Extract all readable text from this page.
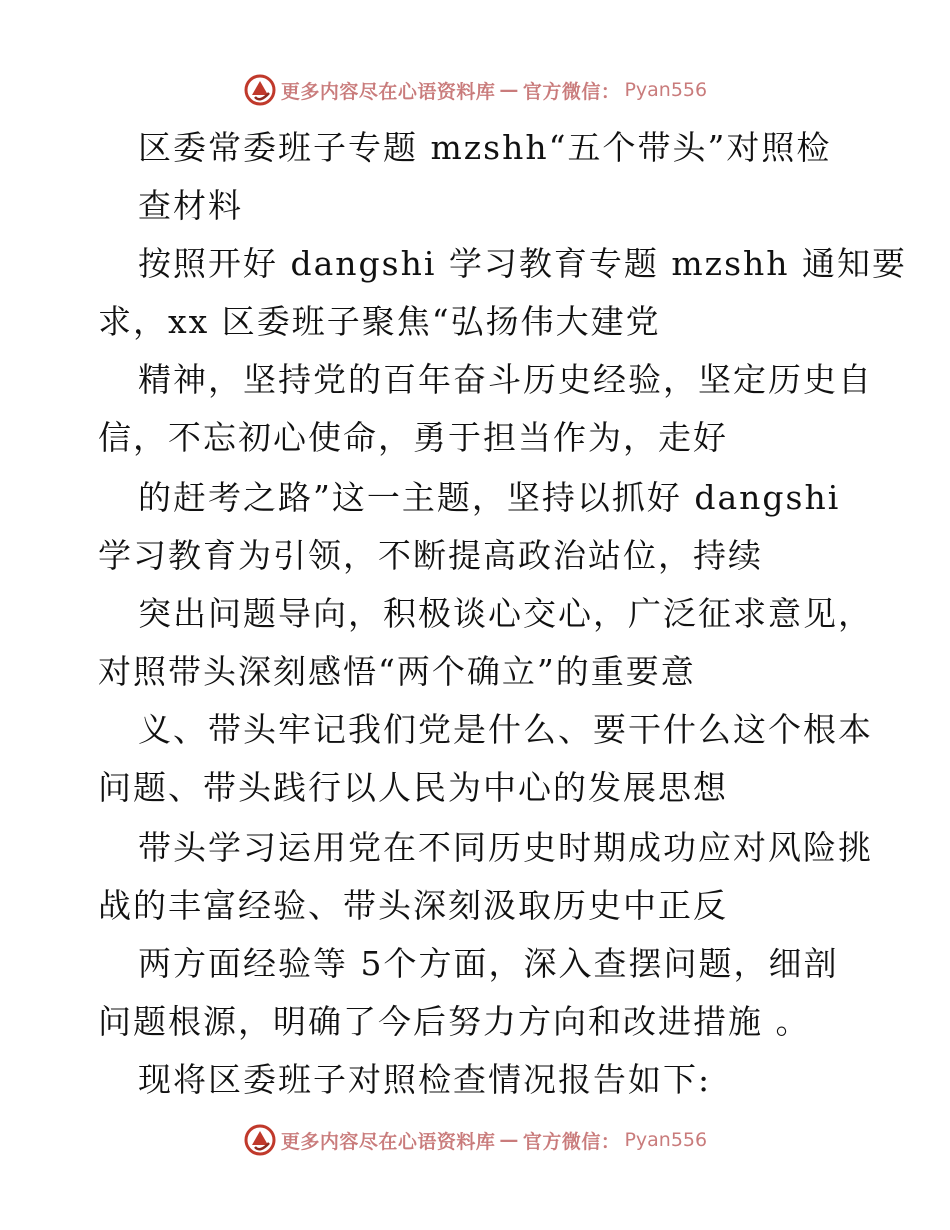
更多内容尽在心语资料库 — 官方微信： Pyan556
区委常委班子专题 mzshh“五个带头”对照检
查材料
按照开好 dangshi 学习教育专题 mzshh 通知要
求，xx 区委班子聚焦“弘扬伟大建党
精神，坚持党的百年奋斗历史经验，坚定历史自
信，不忘初心使命，勇于担当作为，走好
的赶考之路”这一主题，坚持以抓好 dangshi
学习教育为引领，不断提高政治站位，持续
突出问题导向，积极谈心交心，广泛征求意见，
对照带头深刻感悟“两个确立”的重要意
义、带头牢记我们党是什么、要干什么这个根本
问题、带头践行以人民为中心的发展思想
带头学习运用党在不同历史时期成功应对风险挑
战的丰富经验、带头深刻汲取历史中正反
两方面经验等 5个方面，深入查摆问题，细剖
问题根源，明确了今后努力方向和改进措施 。
现将区委班子对照检查情况报告如下:
更多内容尽在心语资料库 — 官方微信： Pyan556
